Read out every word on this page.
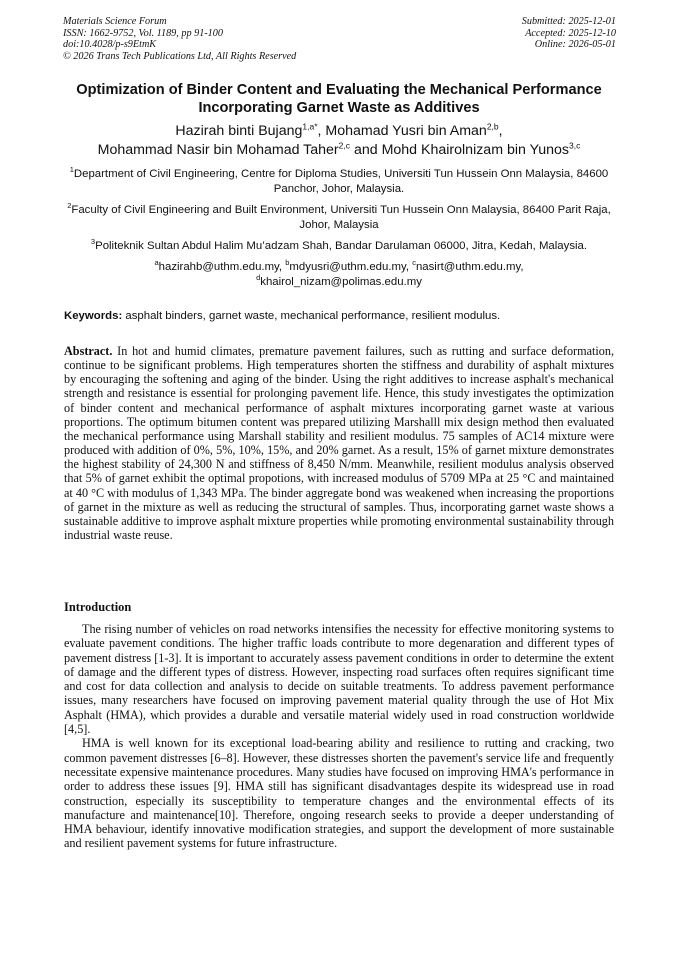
Materials Science Forum
ISSN: 1662-9752, Vol. 1189, pp 91-100
doi:10.4028/p-s9EtmK
© 2026 Trans Tech Publications Ltd, All Rights Reserved
Submitted: 2025-12-01
Accepted: 2025-12-10
Online: 2026-05-01
Optimization of Binder Content and Evaluating the Mechanical Performance Incorporating Garnet Waste as Additives
Hazirah binti Bujang$^{1,a*}$, Mohamad Yusri bin Aman$^{2,b}$,
Mohammad Nasir bin Mohamad Taher$^{2,c}$ and Mohd Khairolnizam bin Yunos$^{3,c}$
$^1$Department of Civil Engineering, Centre for Diploma Studies, Universiti Tun Hussein Onn Malaysia, 84600 Panchor, Johor, Malaysia.
$^2$Faculty of Civil Engineering and Built Environment, Universiti Tun Hussein Onn Malaysia, 86400 Parit Raja, Johor, Malaysia
$^3$Politeknik Sultan Abdul Halim Mu’adzam Shah, Bandar Darulaman 06000, Jitra, Kedah, Malaysia.
$^a$hazirahb@uthm.edu.my, $^b$mdyusri@uthm.edu.my, $^c$nasirt@uthm.edu.my,
$^d$khairol_nizam@polimas.edu.my
Keywords: asphalt binders, garnet waste, mechanical performance, resilient modulus.

Abstract. In hot and humid climates, premature pavement failures, such as rutting and surface deformation, continue to be significant problems. High temperatures shorten the stiffness and durability of asphalt mixtures by encouraging the softening and aging of the binder. Using the right additives to increase asphalt's mechanical strength and resistance is essential for prolonging pavement life. Hence, this study investigates the optimization of binder content and mechanical performance of asphalt mixtures incorporating garnet waste at various proportions. The optimum bitumen content was prepared utilizing Marshalll mix design method then evaluated the mechanical performance using Marshall stability and resilient modulus. 75 samples of AC14 mixture were produced with addition of 0%, 5%, 10%, 15%, and 20% garnet. As a result, 15% of garnet mixture demonstrates the highest stability of 24,300 N and stiffness of 8,450 N/mm. Meanwhile, resilient modulus analysis observed that 5% of garnet exhibit the optimal propotions, with increased modulus of 5709 MPa at 25 °C and maintained at 40 °C with modulus of 1,343 MPa. The binder aggregate bond was weakened when increasing the proportions of garnet in the mixture as well as reducing the structural of samples. Thus, incorporating garnet waste shows a sustainable additive to improve asphalt mixture properties while promoting environmental sustainability through industrial waste reuse.

Introduction

The rising number of vehicles on road networks intensifies the necessity for effective monitoring systems to evaluate pavement conditions. The higher traffic loads contribute to more degenaration and different types of pavement distress [1-3]. It is important to accurately assess pavement conditions in order to determine the extent of damage and the different types of distress. However, inspecting road surfaces often requires significant time and cost for data collection and analysis to decide on suitable treatments. To address pavement performance issues, many researchers have focused on improving pavement material quality through the use of Hot Mix Asphalt (HMA), which provides a durable and versatile material widely used in road construction worldwide [4,5].

HMA is well known for its exceptional load-bearing ability and resilience to rutting and cracking, two common pavement distresses [6–8]. However, these distresses shorten the pavement's service life and frequently necessitate expensive maintenance procedures. Many studies have focused on improving HMA's performance in order to address these issues [9]. HMA still has significant disadvantages despite its widespread use in road construction, especially its susceptibility to temperature changes and the environmental effects of its manufacture and maintenance[10]. Therefore, ongoing research seeks to provide a deeper understanding of HMA behaviour, identify innovative modification strategies, and support the development of more sustainable and resilient pavement systems for future infrastructure.
